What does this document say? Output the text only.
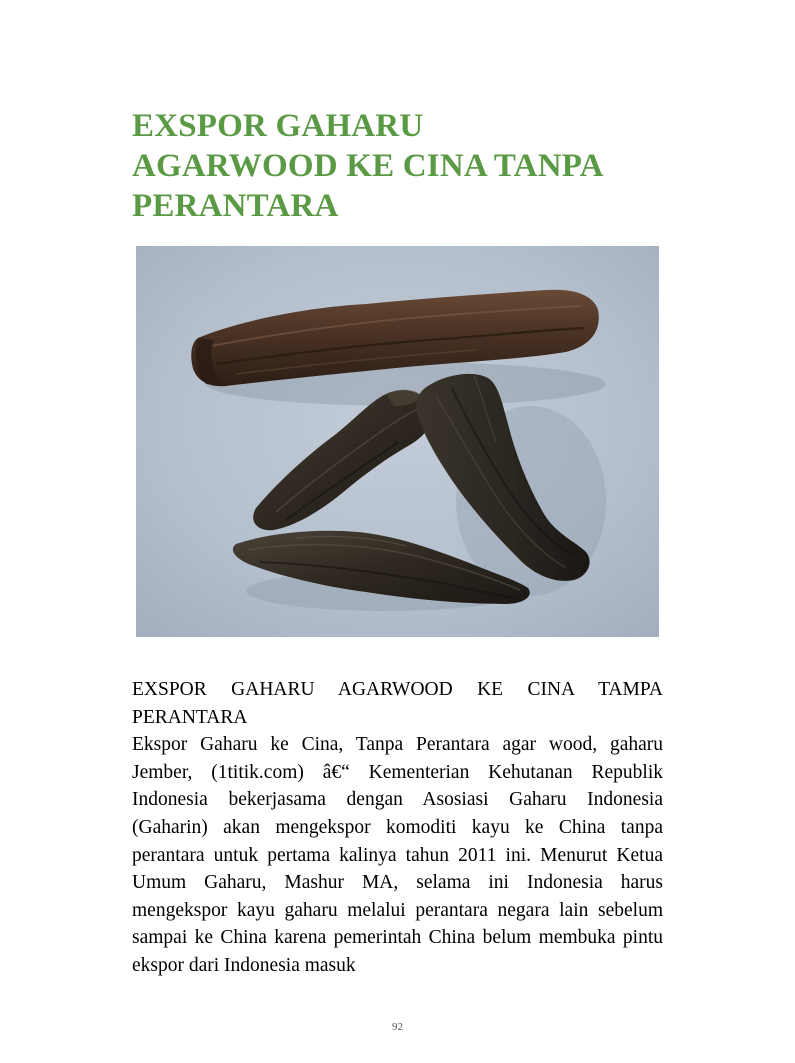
EXSPOR GAHARU
AGARWOOD KE CINA TANPA
PERANTARA

EXSPOR GAHARU AGARWOOD KE CINA TAMPA PERANTARA

Ekspor Gaharu ke Cina, Tanpa Perantara agar wood, gaharu Jember, (1titik.com) â€“ Kementerian Kehutanan Republik Indonesia bekerjasama dengan Asosiasi Gaharu Indonesia (Gaharin) akan mengekspor komoditi kayu ke China tanpa perantara untuk pertama kalinya tahun 2011 ini. Menurut Ketua Umum Gaharu, Mashur MA, selama ini Indonesia harus mengekspor kayu gaharu melalui perantara negara lain sebelum sampai ke China karena pemerintah China belum membuka pintu ekspor dari Indonesia masuk

92
